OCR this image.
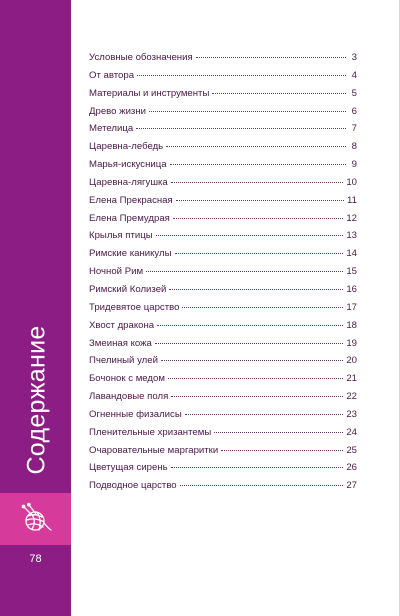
Содержание
78
Условные обозначения	3
От автора	4
Материалы и инструменты	5
Древо жизни	6
Метелица	7
Царевна-лебедь	8
Марья-искусница	9
Царевна-лягушка	10
Елена Прекрасная	11
Елена Премудрая	12
Крылья птицы	13
Римские каникулы	14
Ночной Рим	15
Римский Колизей	16
Тридевятое царство	17
Хвост дракона	18
Змеиная кожа	19
Пчелиный улей	20
Бочонок с медом	21
Лавандовые поля	22
Огненные физалисы	23
Пленительные хризантемы	24
Очаровательные маргаритки	25
Цветущая сирень	26
Подводное царство	27
